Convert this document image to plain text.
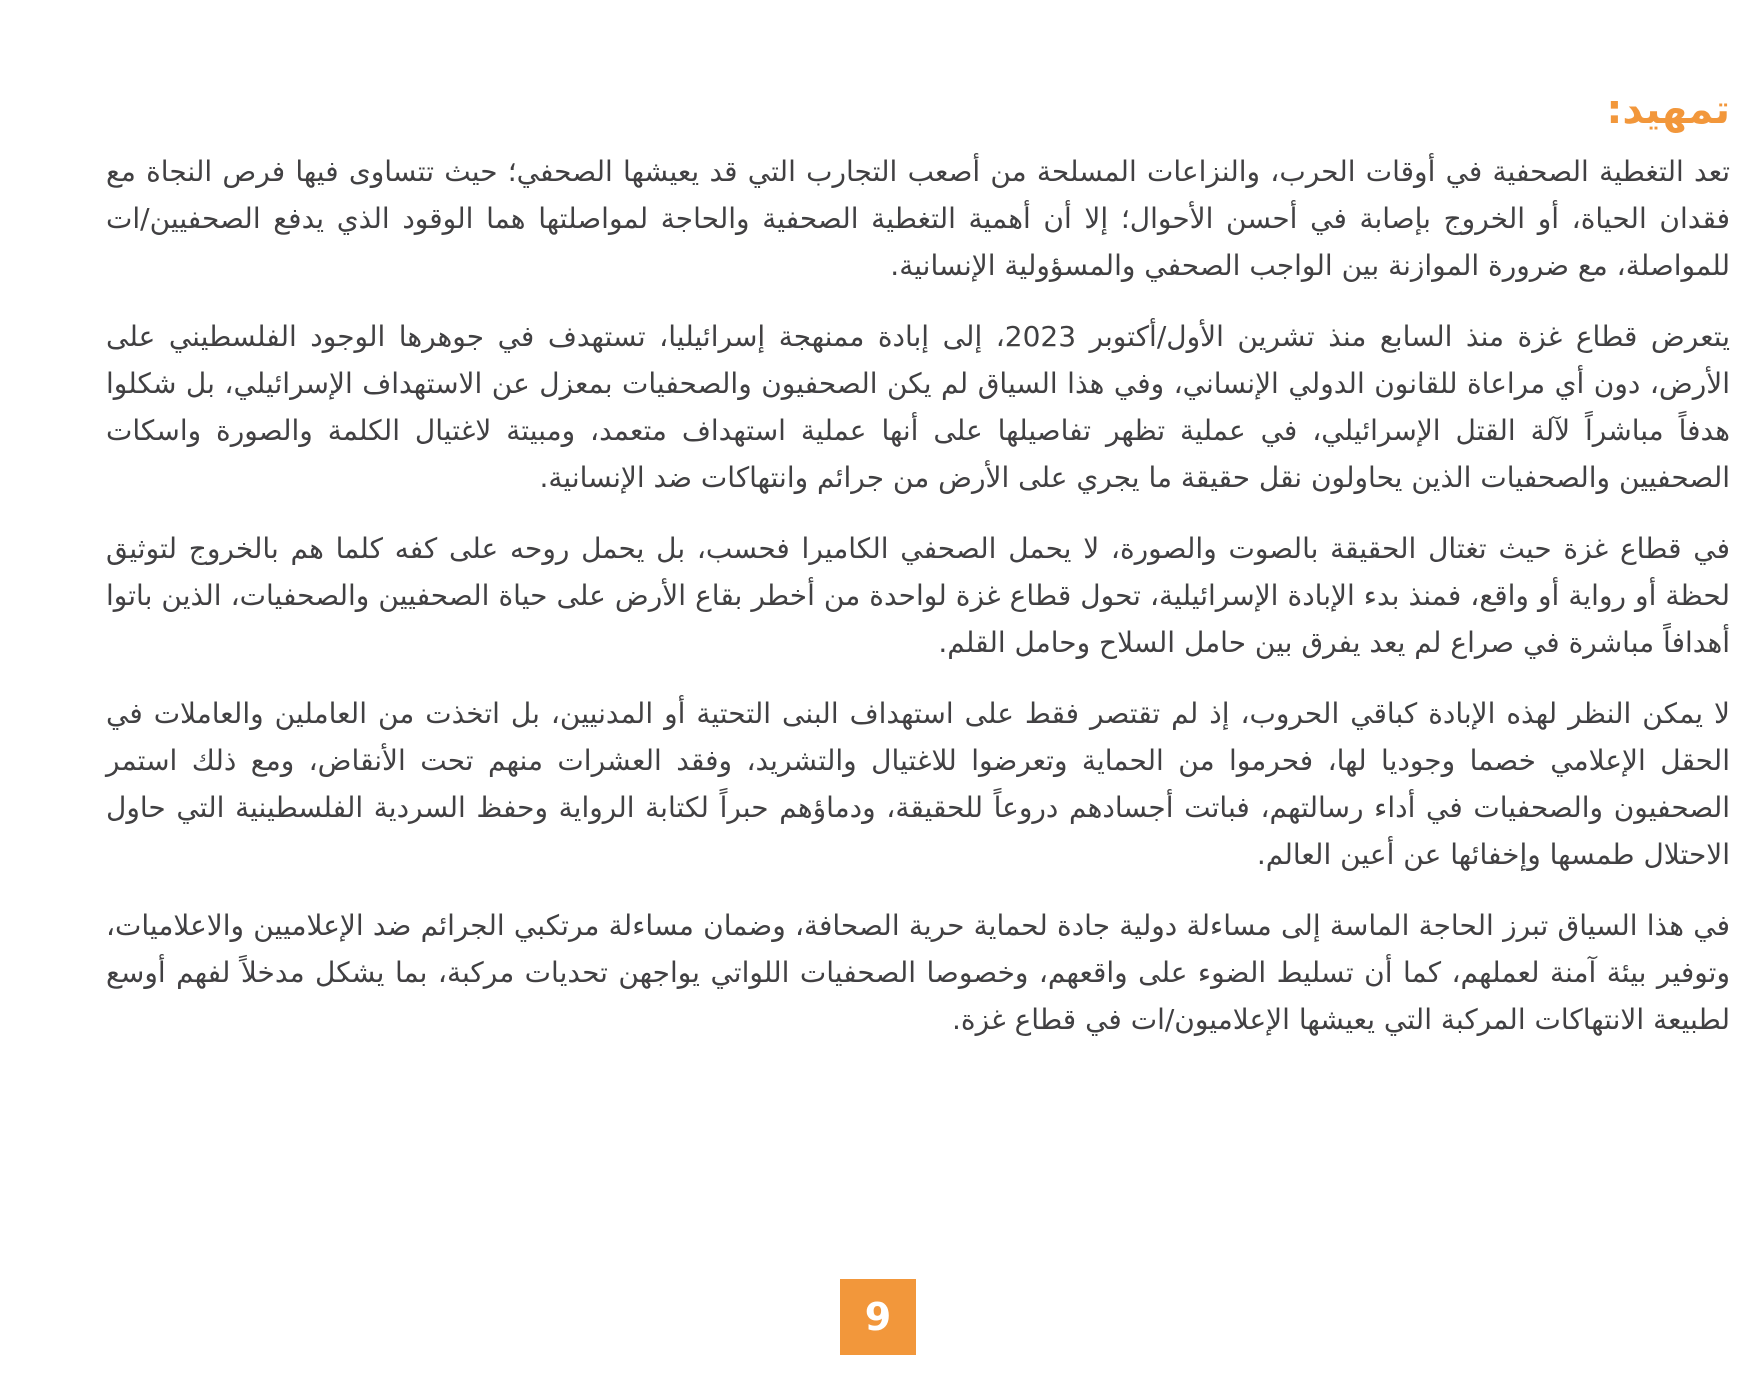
تمهيد:

تعد التغطية الصحفية في أوقات الحرب، والنزاعات المسلحة من أصعب التجارب التي قد يعيشها الصحفي؛ حيث تتساوى فيها فرص النجاة مع فقدان الحياة، أو الخروج بإصابة في أحسن الأحوال؛ إلا أن أهمية التغطية الصحفية والحاجة لمواصلتها هما الوقود الذي يدفع الصحفيين/ات للمواصلة، مع ضرورة الموازنة بين الواجب الصحفي والمسؤولية الإنسانية.

يتعرض قطاع غزة منذ السابع منذ تشرين الأول/أكتوبر 2023، إلى إبادة ممنهجة إسرائيليا، تستهدف في جوهرها الوجود الفلسطيني على الأرض، دون أي مراعاة للقانون الدولي الإنساني، وفي هذا السياق لم يكن الصحفيون والصحفيات بمعزل عن الاستهداف الإسرائيلي، بل شكلوا هدفاً مباشراً لآلة القتل الإسرائيلي، في عملية تظهر تفاصيلها على أنها عملية استهداف متعمد، ومبيتة لاغتيال الكلمة والصورة واسكات الصحفيين والصحفيات الذين يحاولون نقل حقيقة ما يجري على الأرض من جرائم وانتهاكات ضد الإنسانية.

في قطاع غزة حيث تغتال الحقيقة بالصوت والصورة، لا يحمل الصحفي الكاميرا فحسب، بل يحمل روحه على كفه كلما هم بالخروج لتوثيق لحظة أو رواية أو واقع، فمنذ بدء الإبادة الإسرائيلية، تحول قطاع غزة لواحدة من أخطر بقاع الأرض على حياة الصحفيين والصحفيات، الذين باتوا أهدافاً مباشرة في صراع لم يعد يفرق بين حامل السلاح وحامل القلم.

لا يمكن النظر لهذه الإبادة كباقي الحروب، إذ لم تقتصر فقط على استهداف البنى التحتية أو المدنيين، بل اتخذت من العاملين والعاملات في الحقل الإعلامي خصما وجوديا لها، فحرموا من الحماية وتعرضوا للاغتيال والتشريد، وفقد العشرات منهم تحت الأنقاض، ومع ذلك استمر الصحفيون والصحفيات في أداء رسالتهم، فباتت أجسادهم دروعاً للحقيقة، ودماؤهم حبراً لكتابة الرواية وحفظ السردية الفلسطينية التي حاول الاحتلال طمسها وإخفائها عن أعين العالم.

في هذا السياق تبرز الحاجة الماسة إلى مساءلة دولية جادة لحماية حرية الصحافة، وضمان مساءلة مرتكبي الجرائم ضد الإعلاميين والاعلاميات، وتوفير بيئة آمنة لعملهم، كما أن تسليط الضوء على واقعهم، وخصوصا الصحفيات اللواتي يواجهن تحديات مركبة، بما يشكل مدخلاً لفهم أوسع لطبيعة الانتهاكات المركبة التي يعيشها الإعلاميون/ات في قطاع غزة.

9
